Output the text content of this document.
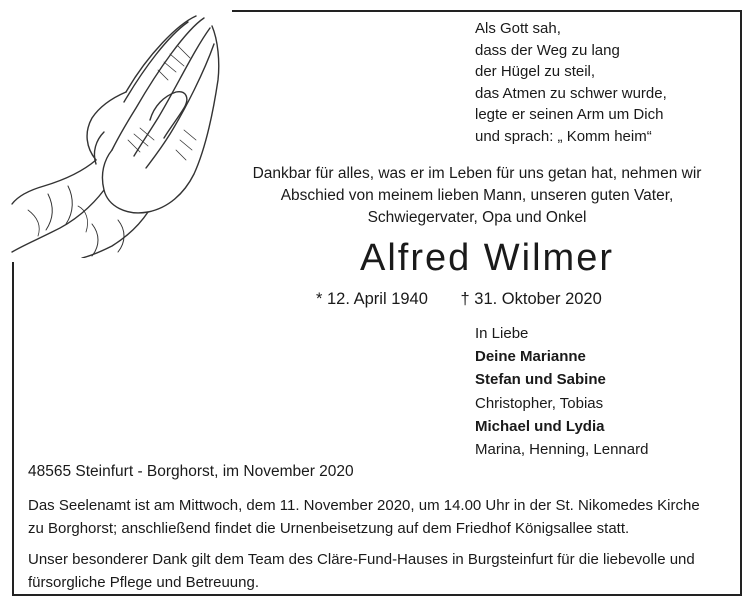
Als Gott sah,
dass der Weg zu lang
der Hügel zu steil,
das Atmen zu schwer wurde,
legte er seinen Arm um Dich
und sprach: „ Komm heim“
Dankbar für alles, was er im Leben für uns getan hat, nehmen wir
Abschied von meinem lieben Mann, unseren guten Vater,
Schwiegervater, Opa und Onkel
Alfred Wilmer
* 12. April 1940 † 31. Oktober 2020
In Liebe
Deine Marianne
Stefan und Sabine
Christopher, Tobias
Michael und Lydia
Marina, Henning, Lennard
48565 Steinfurt - Borghorst, im November 2020
Das Seelenamt ist am Mittwoch, dem 11. November 2020, um 14.00 Uhr in der St. Nikomedes Kirche
zu Borghorst; anschließend findet die Urnenbeisetzung auf dem Friedhof Königsallee statt.
Unser besonderer Dank gilt dem Team des Cläre-Fund-Hauses in Burgsteinfurt für die liebevolle und
fürsorgliche Pflege und Betreuung.
